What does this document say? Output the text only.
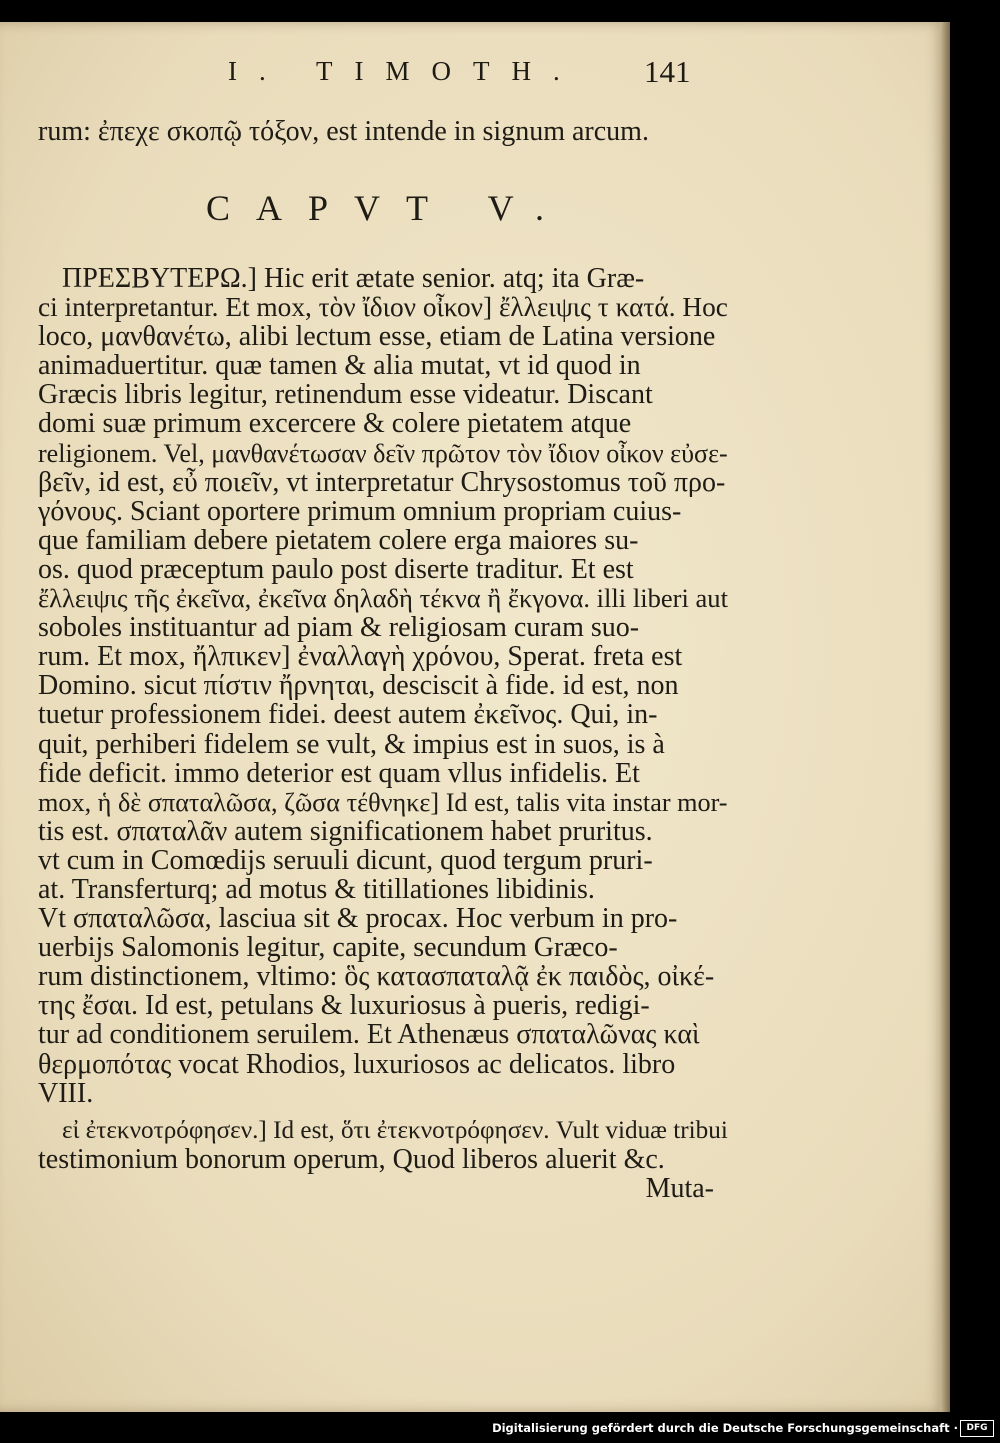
I. TIMOTH. 141
rum: ἐπεχε σκοπῷ τόξον, est intende in signum arcum.
CAPVT V.
ΠΡΕΣΒΥΤΕΡΩ.] Hic erit ætate senior. atq; ita Græ-
ci interpretantur. Et mox, τὸν ἴδιον οἶκον] ἔλλειψις τ κατά. Hoc
loco, μανθανέτω, alibi lectum esse, etiam de Latina versione
animaduertitur. quæ tamen & alia mutat, vt id quod in
Græcis libris legitur, retinendum esse videatur. Discant
domi suæ primum excercere & colere pietatem atque
religionem. Vel, μανθανέτωσαν δεῖν πρῶτον τὸν ἴδιον οἶκον εὐσε-
βεῖν, id est, εὖ ποιεῖν, vt interpretatur Chrysostomus τοῦ προ-
γόνους. Sciant oportere primum omnium propriam cuius-
que familiam debere pietatem colere erga maiores su-
os. quod præceptum paulo post diserte traditur. Et est
ἔλλειψις τῆς ἐκεῖνα, ἐκεῖνα δηλαδὴ τέκνα ἢ ἔκγονα. illi liberi aut
soboles instituantur ad piam & religiosam curam suo-
rum. Et mox, ἤλπικεν] ἐναλλαγὴ χρόνου, Sperat. freta est
Domino. sicut πίστιν ἤρνηται, desciscit à fide. id est, non
tuetur professionem fidei. deest autem ἐκεῖνος. Qui, in-
quit, perhiberi fidelem se vult, & impius est in suos, is à
fide deficit. immo deterior est quam vllus infidelis. Et
mox, ἡ δὲ σπαταλῶσα, ζῶσα τέθνηκε] Id est, talis vita instar mor-
tis est. σπαταλᾶν autem significationem habet pruritus.
vt cum in Comœdijs seruuli dicunt, quod tergum pruri-
at. Transferturq; ad motus & titillationes libidinis.
Vt σπαταλῶσα, lasciua sit & procax. Hoc verbum in pro-
uerbijs Salomonis legitur, capite, secundum Græco-
rum distinctionem, vltimo: ὃς κατασπαταλᾷ ἐκ παιδὸς, οἰκέ-
της ἔσαι. Id est, petulans & luxuriosus à pueris, redigi-
tur ad conditionem seruilem. Et Athenæus σπαταλῶνας καὶ
θερμοπότας vocat Rhodios, luxuriosos ac delicatos. libro
VIII.
εἰ ἐτεκνοτρόφησεν.] Id est, ὅτι ἐτεκνοτρόφησεν. Vult viduæ tribui
testimonium bonorum operum, Quod liberos aluerit &c.
Muta-
Digitalisierung gefördert durch die Deutsche Forschungsgemeinschaft · DFG
